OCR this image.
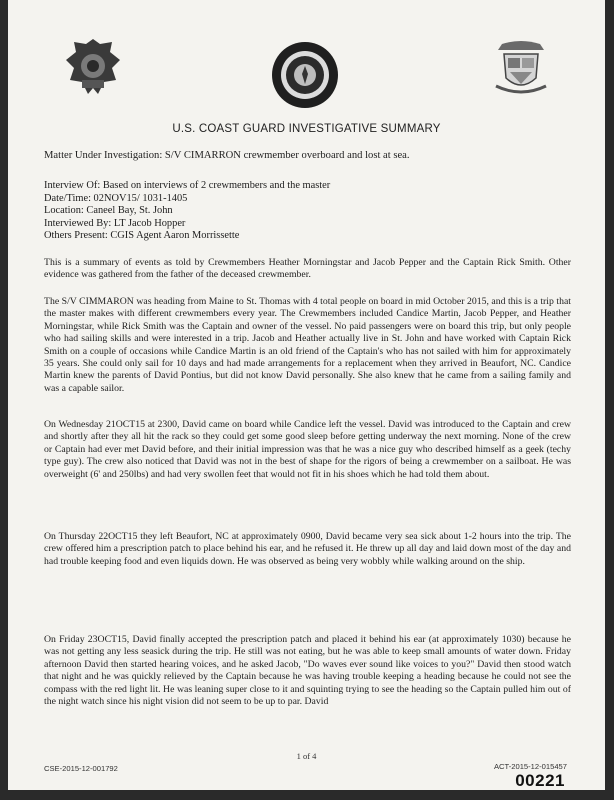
U.S. COAST GUARD INVESTIGATIVE SUMMARY
Matter Under Investigation: S/V CIMARRON crewmember overboard and lost at sea.
Interview Of: Based on interviews of 2 crewmembers and the master
Date/Time: 02NOV15/ 1031-1405
Location: Caneel Bay, St. John
Interviewed By: LT Jacob Hopper
Others Present: CGIS Agent Aaron Morrissette
This is a summary of events as told by Crewmembers Heather Morningstar and Jacob Pepper and the Captain Rick Smith. Other evidence was gathered from the father of the deceased crewmember.
The S/V CIMMARON was heading from Maine to St. Thomas with 4 total people on board in mid October 2015, and this is a trip that the master makes with different crewmembers every year. The Crewmembers included Candice Martin, Jacob Pepper, and Heather Morningstar, while Rick Smith was the Captain and owner of the vessel. No paid passengers were on board this trip, but only people who had sailing skills and were interested in a trip. Jacob and Heather actually live in St. John and have worked with Captain Rick Smith on a couple of occasions while Candice Martin is an old friend of the Captain's who has not sailed with him for approximately 35 years. She could only sail for 10 days and had made arrangements for a replacement when they arrived in Beaufort, NC. Candice Martin knew the parents of David Pontius, but did not know David personally. She also knew that he came from a sailing family and was a capable sailor.
On Wednesday 21OCT15 at 2300, David came on board while Candice left the vessel. David was introduced to the Captain and crew and shortly after they all hit the rack so they could get some good sleep before getting underway the next morning. None of the crew or Captain had ever met David before, and their initial impression was that he was a nice guy who described himself as a geek (techy type guy). The crew also noticed that David was not in the best of shape for the rigors of being a crewmember on a sailboat. He was overweight (6' and 250lbs) and had very swollen feet that would not fit in his shoes which he had told them about.
On Thursday 22OCT15 they left Beaufort, NC at approximately 0900, David became very sea sick about 1-2 hours into the trip. The crew offered him a prescription patch to place behind his ear, and he refused it. He threw up all day and laid down most of the day and had trouble keeping food and even liquids down. He was observed as being very wobbly while walking around on the ship.
On Friday 23OCT15, David finally accepted the prescription patch and placed it behind his ear (at approximately 1030) because he was not getting any less seasick during the trip. He still was not eating, but he was able to keep small amounts of water down. Friday afternoon David then started hearing voices, and he asked Jacob, "Do waves ever sound like voices to you?" David then stood watch that night and he was quickly relieved by the Captain because he was having trouble keeping a heading because he could not see the compass with the red light lit. He was leaning super close to it and squinting trying to see the heading so the Captain pulled him out of the night watch since his night vision did not seem to be up to par. David
1 of 4
CSE-2015-12-001792	ACT-2015-12-015457
00221
